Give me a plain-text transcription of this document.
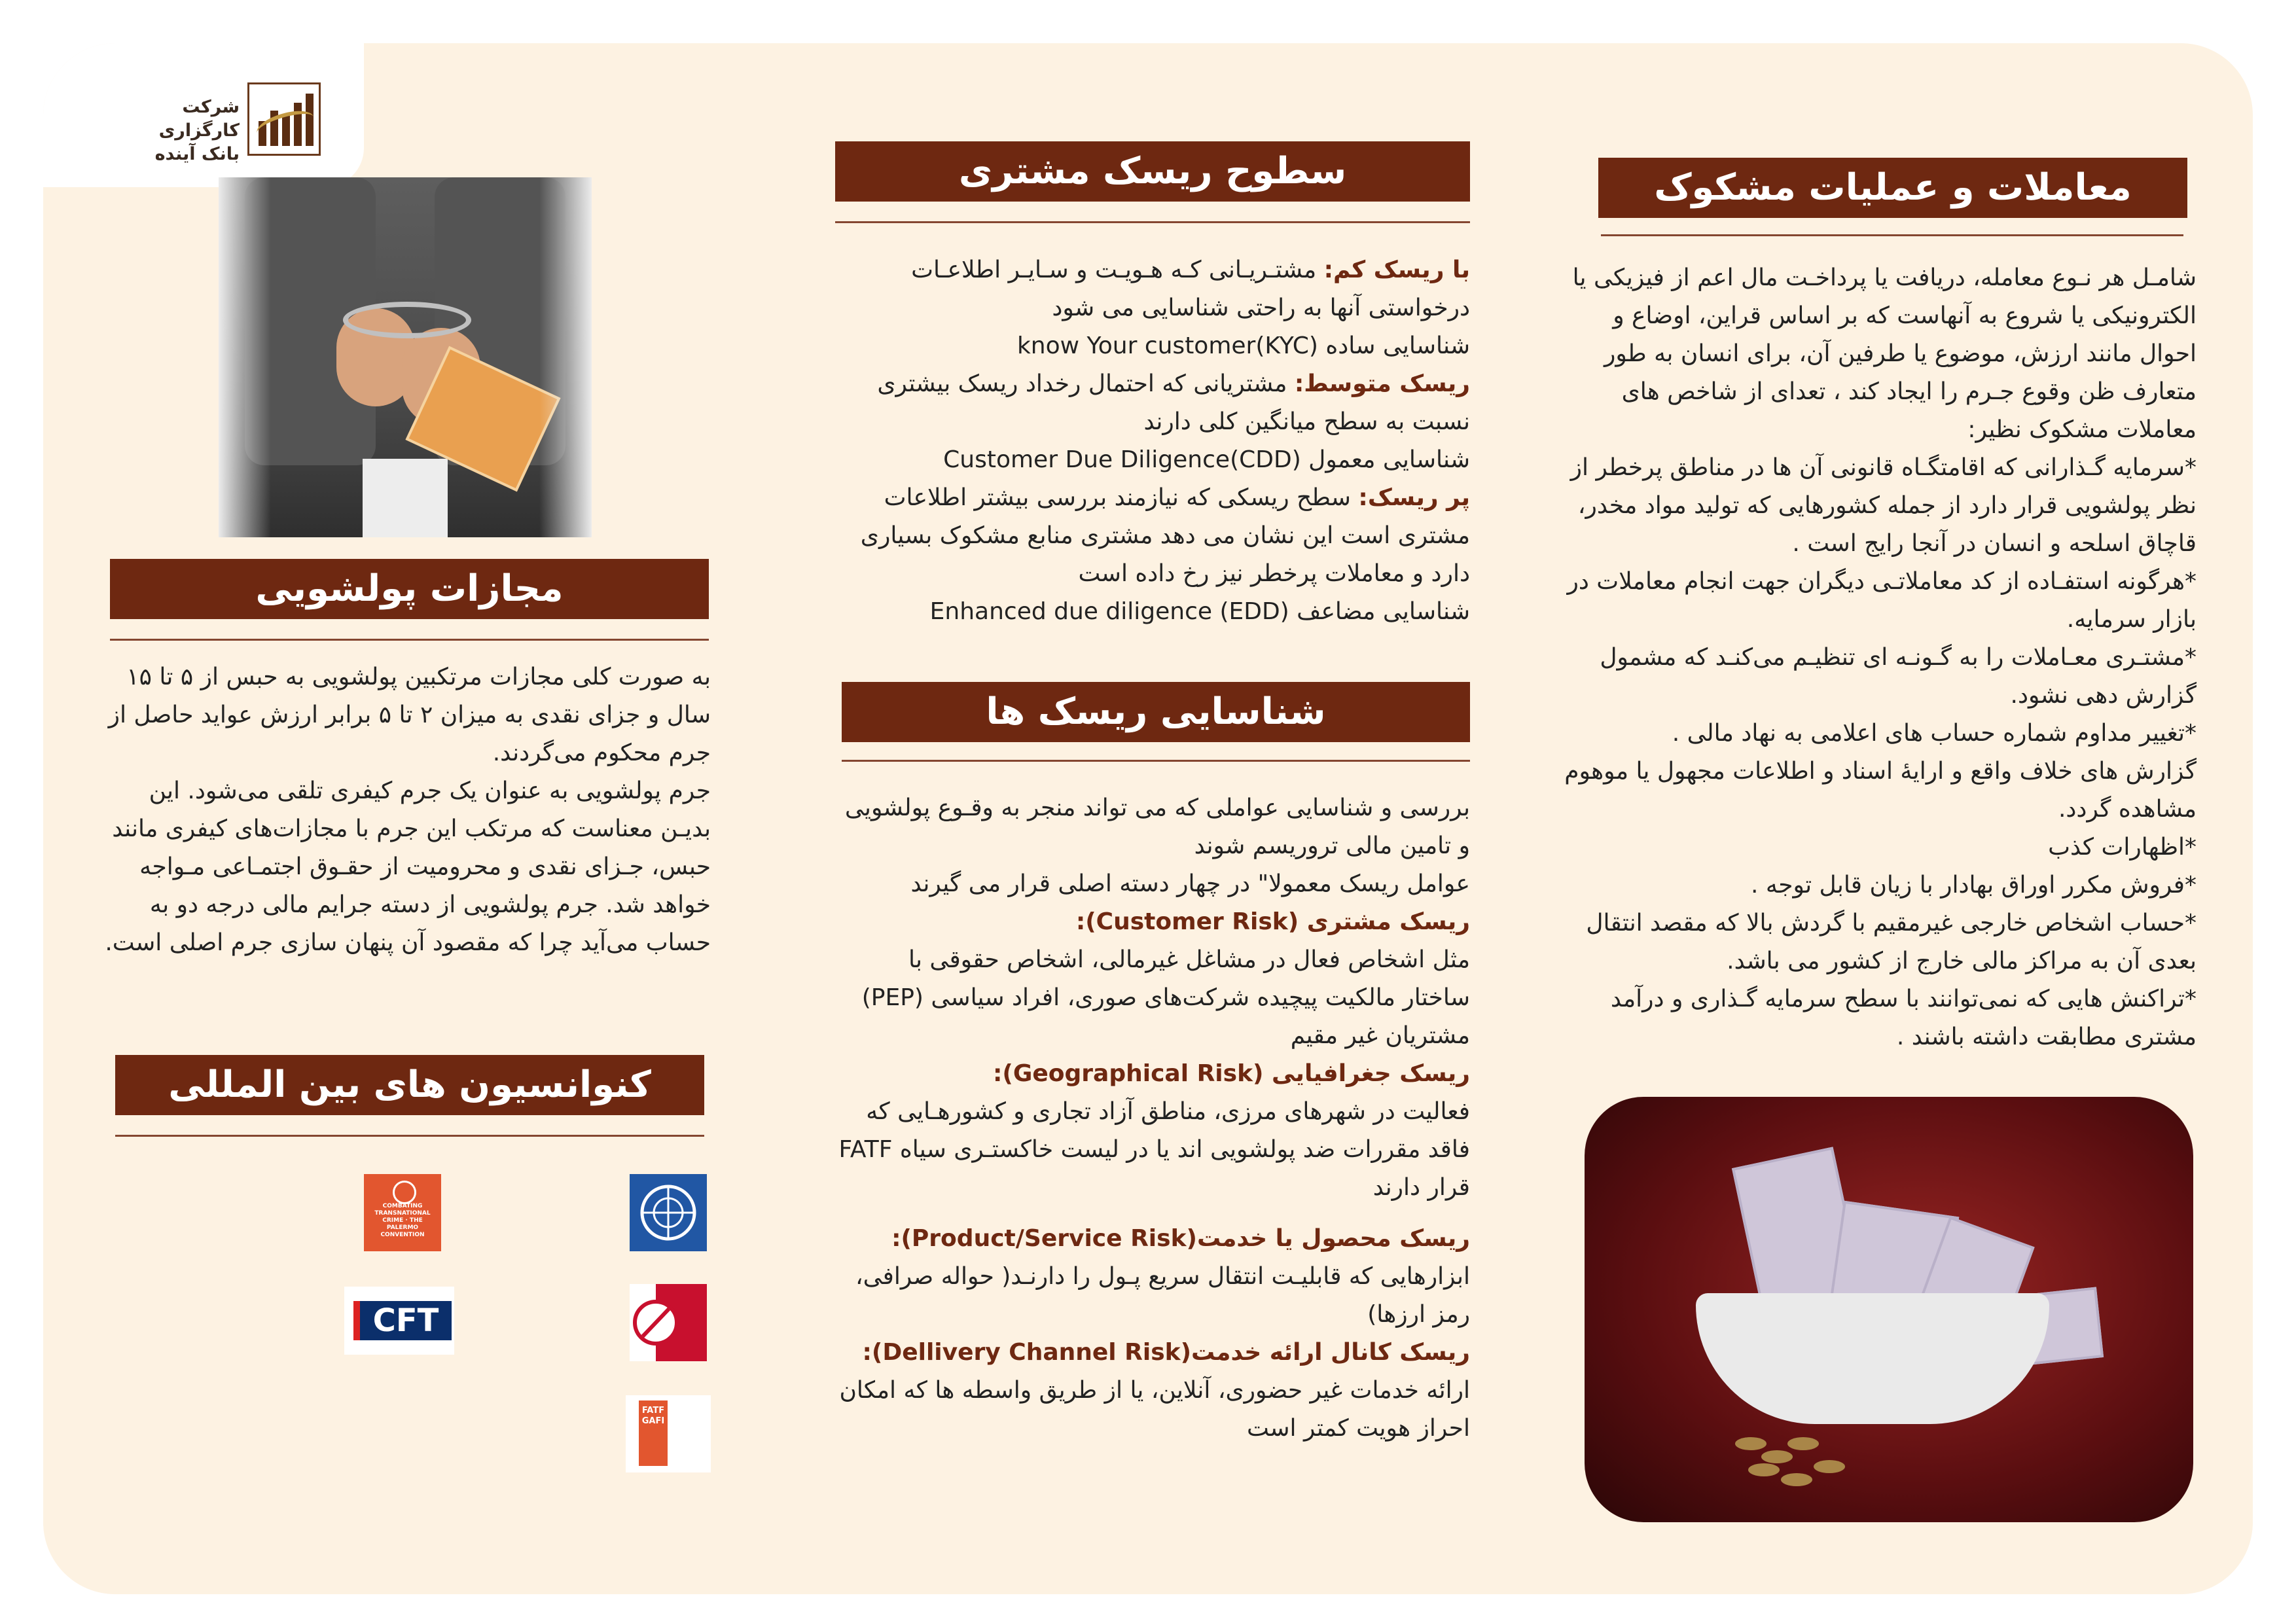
شرکت کارگزاری
بانک آینده
معاملات و عملیات مشکوک

شامـل هر نـوع معامله، دریافت یا پرداخـت مال اعم از فیزیکی یا الکترونیکی یا شروع به آنهاست که بر اساس قراین، اوضاع و احوال مانند ارزش، موضوع یا طرفین آن، برای انسان به طور متعارف ظن وقوع جـرم را ایجاد کند ، تعدای از شاخص های معاملات مشکوک نظیر:

*سرمایه گـذارانی که اقامتگـاه قانونی آن ها در مناطق پرخطر از نظر پولشویی قرار دارد از جمله کشورهایی که تولید مواد مخدر، قاچاق اسلحه و انسان در آنجا رایج است .

*هرگونه استفـاده از کد معاملاتـی دیگران جهت انجام معاملات در بازار سرمایه.

*مشتـری معـاملات را به گـونـه ای تنظیـم می‌کنـد که مشمول گزارش دهی نشود.

*تغییر مداوم شماره حساب های اعلامی به نهاد مالی .

گزارش های خلاف واقع و ارایۀ اسناد و اطلاعات مجهول یا موهوم مشاهده گردد.

*اظهارات کذب

*فروش مکرر اوراق بهادار با زیان قابل توجه .

*حساب اشخاص خارجی غیرمقیم با گردش بالا که مقصد انتقال بعدی آن به مراکز مالی خارج از کشور می باشد.

*تراکنش هایی که نمی‌توانند با سطح سرمایه گـذاری و درآمد مشتری مطابقت داشته باشند .

سطوح ریسک مشتری

با ریسک کم: مشتـریـانی کـه هـویـت و سـایـر اطلاعـات درخواستی آنها به راحتی شناسایی می شود

شناسایی ساده know Your customer(KYC)

ریسک متوسط: مشتریانی که احتمال رخداد ریسک بیشتری نسبت به سطح میانگین کلی دارند

شناسایی معمول Customer Due Diligence(CDD)

پر ریسک: سطح ریسکی که نیازمند بررسی بیشتر اطلاعات مشتری است این نشان می دهد مشتری منابع مشکوک بسیاری دارد و معاملات پرخطر نیز رخ داده است

شناسایی مضاعف Enhanced due diligence (EDD)

شناسایی ریسک ها

بررسی و شناسایی عواملی که می تواند منجر به وقـوع پولشویی و تامین مالی تروریسم شوند

عوامل ریسک معمولا" در چهار دسته اصلی قرار می گیرند

ریسک مشتری (Customer Risk):

مثل اشخاص فعال در مشاغل غیرمالی، اشخاص حقوقی با ساختار مالکیت پیچیده شرکت‌های صوری، افراد سیاسی (PEP) مشتریان غیر مقیم

ریسک جغرافیایی (Geographical Risk):

فعالیت در شهرهای مرزی، مناطق آزاد تجاری و کشورهـایی که فاقد مقررات ضد پولشویی اند یا در لیست خاکستـری سیاه FATF قرار دارند

ریسک محصول یا خدمت(Product/Service Risk):

ابزارهایی که قابلیـت انتقال سریع پـول را دارنـد( حواله صرافی، رمز ارزها)

ریسک کانال ارائه خدمت(Dellivery Channel Risk):

ارائه خدمات غیر حضوری، آنلاین، یا از طریق واسطه ها که امکان احراز هویت کمتر است

مجازات پولشویی

به صورت کلی مجازات مرتکبین پولشویی به حبس از ۵ تا ۱۵ سال و جزای نقدی به میزان ۲ تا ۵ برابر ارزش عواید حاصل از جرم محکوم می‌گردند.

جرم پولشویی به عنوان یک جرم کیفری تلقی می‌شود. این بدیـن معناست که مرتکب این جرم با مجازات‌های کیفری مانند حبس، جـزای نقدی و محرومیت از حقـوق اجتمـاعی مـواجه خواهد شد. جرم پولشویی از دسته جرایم مالی درجه دو به حساب می‌آید چرا که مقصود آن پنهان سازی جرم اصلی است.

کنوانسیون های بین المللی
COMBATING TRANSNATIONAL CRIME · THE PALERMO CONVENTION
CFT
FATF GAFI
